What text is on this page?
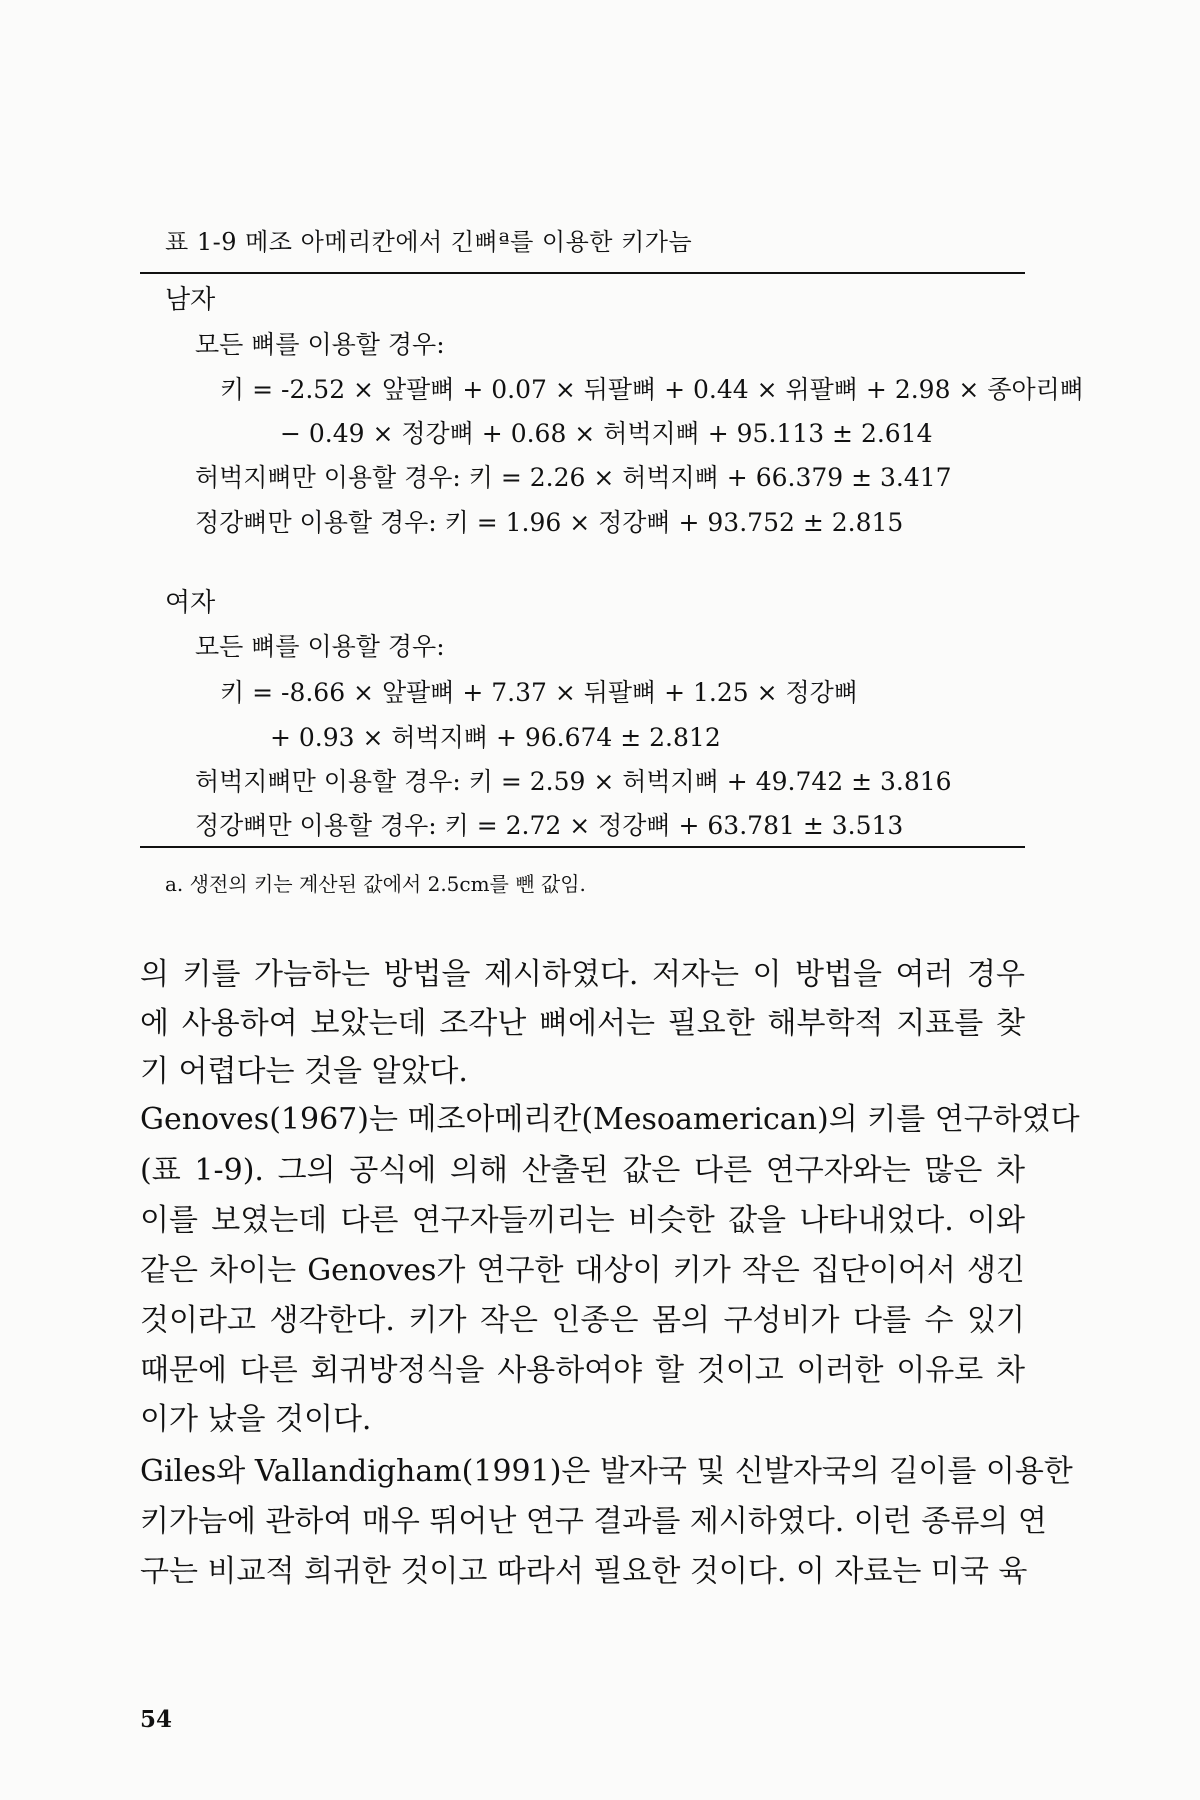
표 1-9 메조 아메리칸에서 긴뼈ª를 이용한 키가늠
남자
모든 뼈를 이용할 경우:
키 = -2.52 × 앞팔뼈 + 0.07 × 뒤팔뼈 + 0.44 × 위팔뼈 + 2.98 × 종아리뼈
− 0.49 × 정강뼈 + 0.68 × 허벅지뼈 + 95.113 ± 2.614
허벅지뼈만 이용할 경우: 키 = 2.26 × 허벅지뼈 + 66.379 ± 3.417
정강뼈만 이용할 경우: 키 = 1.96 × 정강뼈 + 93.752 ± 2.815
여자
모든 뼈를 이용할 경우:
키 = -8.66 × 앞팔뼈 + 7.37 × 뒤팔뼈 + 1.25 × 정강뼈
+ 0.93 × 허벅지뼈 + 96.674 ± 2.812
허벅지뼈만 이용할 경우: 키 = 2.59 × 허벅지뼈 + 49.742 ± 3.816
정강뼈만 이용할 경우: 키 = 2.72 × 정강뼈 + 63.781 ± 3.513
a. 생전의 키는 계산된 값에서 2.5cm를 뺀 값임.
의 키를 가늠하는 방법을 제시하였다. 저자는 이 방법을 여러 경우
에 사용하여 보았는데 조각난 뼈에서는 필요한 해부학적 지표를 찾
기 어렵다는 것을 알았다.
Genoves(1967)는 메조아메리칸(Mesoamerican)의 키를 연구하였다
(표 1-9). 그의 공식에 의해 산출된 값은 다른 연구자와는 많은 차
이를 보였는데 다른 연구자들끼리는 비슷한 값을 나타내었다. 이와
같은 차이는 Genoves가 연구한 대상이 키가 작은 집단이어서 생긴
것이라고 생각한다. 키가 작은 인종은 몸의 구성비가 다를 수 있기
때문에 다른 회귀방정식을 사용하여야 할 것이고 이러한 이유로 차
이가 났을 것이다.
Giles와 Vallandigham(1991)은 발자국 및 신발자국의 길이를 이용한
키가늠에 관하여 매우 뛰어난 연구 결과를 제시하였다. 이런 종류의 연
구는 비교적 희귀한 것이고 따라서 필요한 것이다. 이 자료는 미국 육
54
